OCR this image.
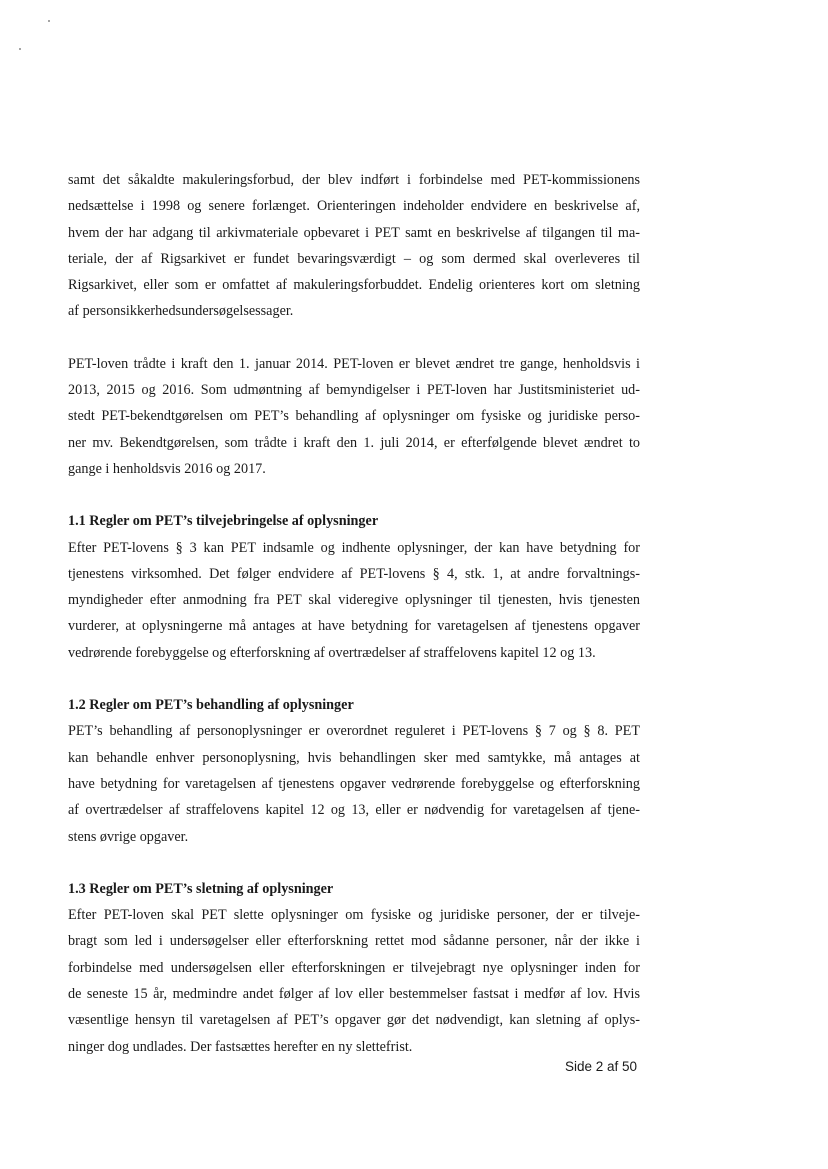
samt det såkaldte makuleringsforbud, der blev indført i forbindelse med PET-kommissionens
nedsættelse i 1998 og senere forlænget. Orienteringen indeholder endvidere en beskrivelse af,
hvem der har adgang til arkivmateriale opbevaret i PET samt en beskrivelse af tilgangen til ma-
teriale, der af Rigsarkivet er fundet bevaringsværdigt – og som dermed skal overleveres til
Rigsarkivet, eller som er omfattet af makuleringsforbuddet. Endelig orienteres kort om sletning
af personsikkerhedsundersøgelsessager.

PET-loven trådte i kraft den 1. januar 2014. PET-loven er blevet ændret tre gange, henholdsvis i
2013, 2015 og 2016. Som udmøntning af bemyndigelser i PET-loven har Justitsministeriet ud-
stedt PET-bekendtgørelsen om PET’s behandling af oplysninger om fysiske og juridiske perso-
ner mv. Bekendtgørelsen, som trådte i kraft den 1. juli 2014, er efterfølgende blevet ændret to
gange i henholdsvis 2016 og 2017.

1.1 Regler om PET’s tilvejebringelse af oplysninger

Efter PET-lovens § 3 kan PET indsamle og indhente oplysninger, der kan have betydning for
tjenestens virksomhed. Det følger endvidere af PET-lovens § 4, stk. 1, at andre forvaltnings-
myndigheder efter anmodning fra PET skal videregive oplysninger til tjenesten, hvis tjenesten
vurderer, at oplysningerne må antages at have betydning for varetagelsen af tjenestens opgaver
vedrørende forebyggelse og efterforskning af overtrædelser af straffelovens kapitel 12 og 13.

1.2 Regler om PET’s behandling af oplysninger

PET’s behandling af personoplysninger er overordnet reguleret i PET-lovens § 7 og § 8. PET
kan behandle enhver personoplysning, hvis behandlingen sker med samtykke, må antages at
have betydning for varetagelsen af tjenestens opgaver vedrørende forebyggelse og efterforskning
af overtrædelser af straffelovens kapitel 12 og 13, eller er nødvendig for varetagelsen af tjene-
stens øvrige opgaver.

1.3 Regler om PET’s sletning af oplysninger

Efter PET-loven skal PET slette oplysninger om fysiske og juridiske personer, der er tilveje-
bragt som led i undersøgelser eller efterforskning rettet mod sådanne personer, når der ikke i
forbindelse med undersøgelsen eller efterforskningen er tilvejebragt nye oplysninger inden for
de seneste 15 år, medmindre andet følger af lov eller bestemmelser fastsat i medfør af lov. Hvis
væsentlige hensyn til varetagelsen af PET’s opgaver gør det nødvendigt, kan sletning af oplys-
ninger dog undlades. Der fastsættes herefter en ny slettefrist.

Side 2 af 50
